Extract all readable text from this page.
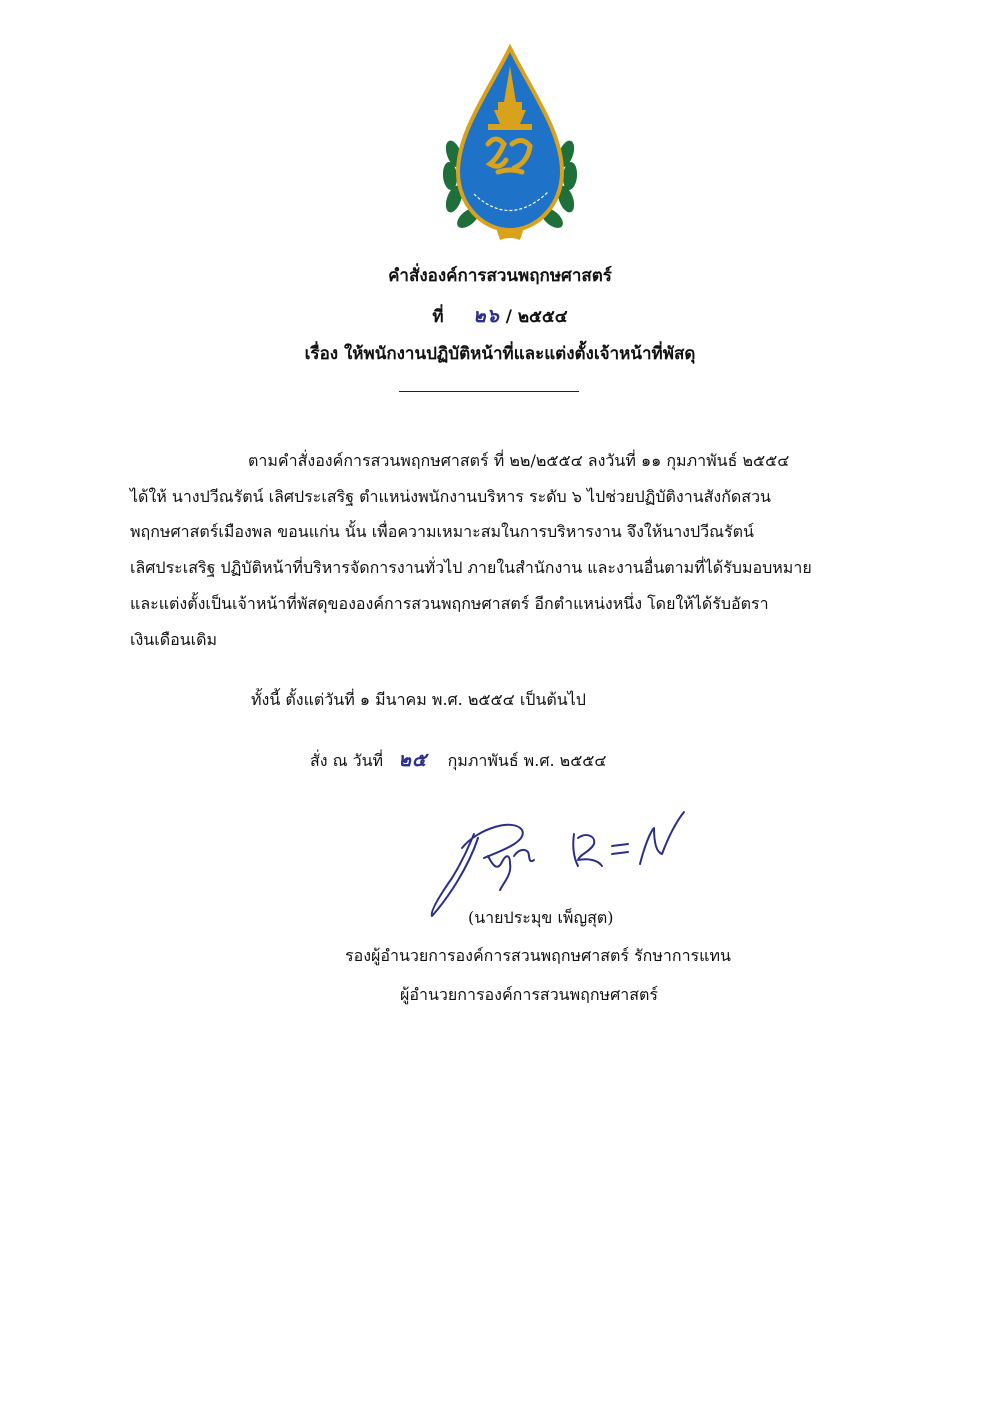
คำสั่งองค์การสวนพฤกษศาสตร์
ที่ ๒๖ / ๒๕๕๔
เรื่อง ให้พนักงานปฏิบัติหน้าที่และแต่งตั้งเจ้าหน้าที่พัสดุ
ตามคำสั่งองค์การสวนพฤกษศาสตร์ ที่ ๒๒/๒๕๕๔ ลงวันที่ ๑๑ กุมภาพันธ์ ๒๕๕๔
ได้ให้ นางปวีณรัตน์ เลิศประเสริฐ ตำแหน่งพนักงานบริหาร ระดับ ๖ ไปช่วยปฏิบัติงานสังกัดสวน
พฤกษศาสตร์เมืองพล ขอนแก่น นั้น เพื่อความเหมาะสมในการบริหารงาน จึงให้นางปวีณรัตน์
เลิศประเสริฐ ปฏิบัติหน้าที่บริหารจัดการงานทั่วไป ภายในสำนักงาน และงานอื่นตามที่ได้รับมอบหมาย
และแต่งตั้งเป็นเจ้าหน้าที่พัสดุขององค์การสวนพฤกษศาสตร์ อีกตำแหน่งหนึ่ง โดยให้ได้รับอัตรา
เงินเดือนเดิม
ทั้งนี้ ตั้งแต่วันที่ ๑ มีนาคม พ.ศ. ๒๕๕๔ เป็นต้นไป
สั่ง ณ วันที่ ๒๕ กุมภาพันธ์ พ.ศ. ๒๕๕๔
(นายประมุข เพ็ญสุต)
รองผู้อำนวยการองค์การสวนพฤกษศาสตร์ รักษาการแทน
ผู้อำนวยการองค์การสวนพฤกษศาสตร์
